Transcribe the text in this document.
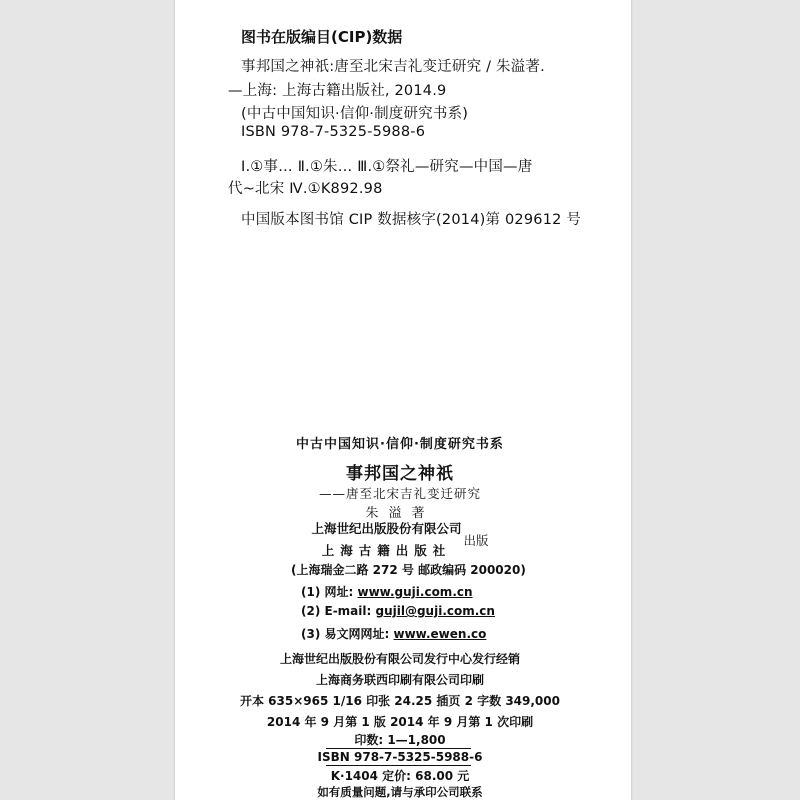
图书在版编目(CIP)数据
事邦国之神祇:唐至北宋吉礼变迁研究 / 朱溢著.
—上海: 上海古籍出版社, 2014.9
(中古中国知识·信仰·制度研究书系)
ISBN 978-7-5325-5988-6
Ⅰ.①事… Ⅱ.①朱… Ⅲ.①祭礼—研究—中国—唐
代~北宋 Ⅳ.①K892.98
中国版本图书馆 CIP 数据核字(2014)第 029612 号
中古中国知识·信仰·制度研究书系
事邦国之神祇
——唐至北宋吉礼变迁研究
朱溢著
上海世纪出版股份有限公司
上海古籍出版社
出版
(上海瑞金二路 272 号 邮政编码 200020)
(1) 网址: www.guji.com.cn
(2) E-mail: gujil@guji.com.cn
(3) 易文网网址: www.ewen.co
上海世纪出版股份有限公司发行中心发行经销
上海商务联西印刷有限公司印刷
开本 635×965 1/16 印张 24.25 插页 2 字数 349,000
2014 年 9 月第 1 版 2014 年 9 月第 1 次印刷
印数: 1—1,800
ISBN 978-7-5325-5988-6
K·1404 定价: 68.00 元
如有质量问题,请与承印公司联系
